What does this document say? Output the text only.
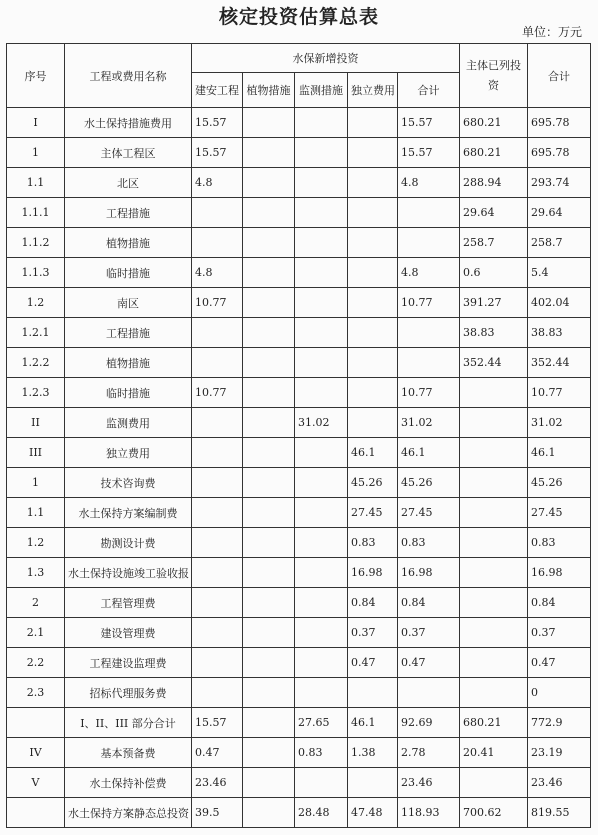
核定投资估算总表
单位：万元
序号	工程或费用名称	水保新增投资					主体已列投资	合计
		建安工程	植物措施	监测措施	独立费用	合计		
I	水土保持措施费用	15.57				15.57	680.21	695.78
1	主体工程区	15.57				15.57	680.21	695.78
1.1	北区	4.8				4.8	288.94	293.74
1.1.1	工程措施						29.64	29.64
1.1.2	植物措施						258.7	258.7
1.1.3	临时措施	4.8				4.8	0.6	5.4
1.2	南区	10.77				10.77	391.27	402.04
1.2.1	工程措施						38.83	38.83
1.2.2	植物措施						352.44	352.44
1.2.3	临时措施	10.77				10.77		10.77
II	监测费用			31.02		31.02		31.02
III	独立费用				46.1	46.1		46.1
1	技术咨询费				45.26	45.26		45.26
1.1	水土保持方案编制费				27.45	27.45		27.45
1.2	勘测设计费				0.83	0.83		0.83
1.3	水土保持设施竣工验收报				16.98	16.98		16.98
2	工程管理费				0.84	0.84		0.84
2.1	建设管理费				0.37	0.37		0.37
2.2	工程建设监理费				0.47	0.47		0.47
2.3	招标代理服务费							0
	I、II、III 部分合计	15.57		27.65	46.1	92.69	680.21	772.9
IV	基本预备费	0.47		0.83	1.38	2.78	20.41	23.19
V	水土保持补偿费	23.46				23.46		23.46
	水土保持方案静态总投资	39.5		28.48	47.48	118.93	700.62	819.55
